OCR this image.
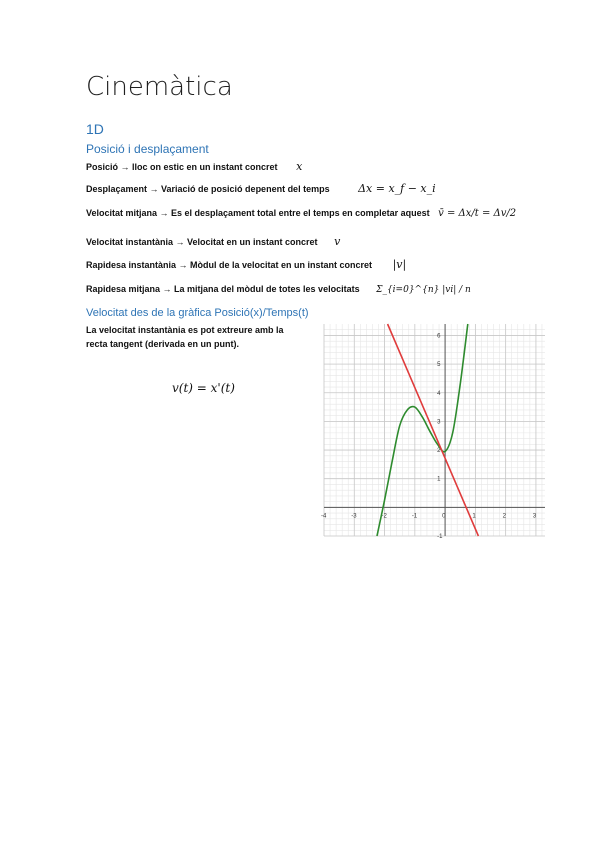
Cinemàtica
1D
Posició i desplaçament
Posició → lloc on estic en un instant concret x
Desplaçament → Variació de posició depenent del temps	Δx = x_f − x_i
Velocitat mitjana → Es el desplaçament total entre el temps en completar aquest v̄ = Δx/t = Δv/2
Velocitat instantània → Velocitat en un instant concret v
Rapidesa instantània → Mòdul de la velocitat en un instant concret |v|
Rapidesa mitjana → La mitjana del mòdul de totes les velocitats Σ_{i=0}^{n} |vi| / n
Velocitat des de la gràfica Posició(x)/Temps(t)
La velocitat instantània es pot extreure amb la
recta tangent (derivada en un punt).
v(t) = x'(t)
-4	-3	-2	-1	0	1	2	3
-1
1
2
3
4
5
6
